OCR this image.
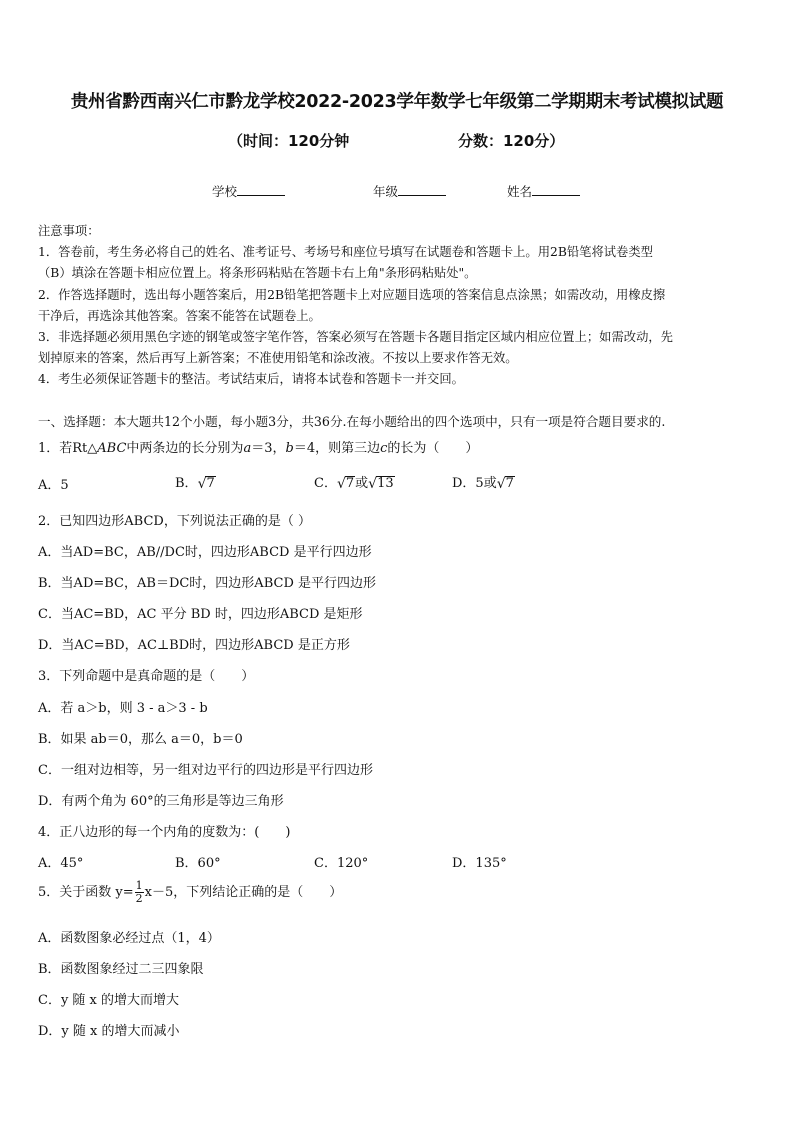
贵州省黔西南兴仁市黔龙学校2022-2023学年数学七年级第二学期期末考试模拟试题
（时间：120分钟	分数：120分）
学校	年级	姓名
注意事项：
1．答卷前，考生务必将自己的姓名、准考证号、考场号和座位号填写在试题卷和答题卡上。用2B铅笔将试卷类型
（B）填涂在答题卡相应位置上。将条形码粘贴在答题卡右上角"条形码粘贴处"。
2．作答选择题时，选出每小题答案后，用2B铅笔把答题卡上对应题目选项的答案信息点涂黑；如需改动，用橡皮擦
干净后，再选涂其他答案。答案不能答在试题卷上。
3．非选择题必须用黑色字迹的钢笔或签字笔作答，答案必须写在答题卡各题目指定区域内相应位置上；如需改动，先
划掉原来的答案，然后再写上新答案；不准使用铅笔和涂改液。不按以上要求作答无效。
4．考生必须保证答题卡的整洁。考试结束后，请将本试卷和答题卡一并交回。
一、选择题：本大题共12个小题，每小题3分，共36分.在每小题给出的四个选项中，只有一项是符合题目要求的.
1．若Rt△ABC中两条边的长分别为a＝3，b＝4，则第三边c的长为（　　）
A．5	B．√7	C．√7或√13	D．5或√7
2．已知四边形ABCD，下列说法正确的是（ ）
A．当AD=BC，AB//DC时，四边形ABCD 是平行四边形
B．当AD=BC，AB＝DC时，四边形ABCD 是平行四边形
C．当AC=BD，AC 平分 BD 时，四边形ABCD 是矩形
D．当AC=BD，AC⊥BD时，四边形ABCD 是正方形
3．下列命题中是真命题的是（　　）
A．若 a＞b，则 3 - a＞3 - b
B．如果 ab＝0，那么 a＝0，b＝0
C．一组对边相等，另一组对边平行的四边形是平行四边形
D．有两个角为 60°的三角形是等边三角形
4．正八边形的每一个内角的度数为：(　　)
A．45°	B．60°	C．120°	D．135°
5．关于函数 $y= \frac{1}{2} x-5$，下列结论正确的是（　　）
A．函数图象必经过点（1，4）
B．函数图象经过二三四象限
C．y 随 x 的增大而增大
D．y 随 x 的增大而减小
